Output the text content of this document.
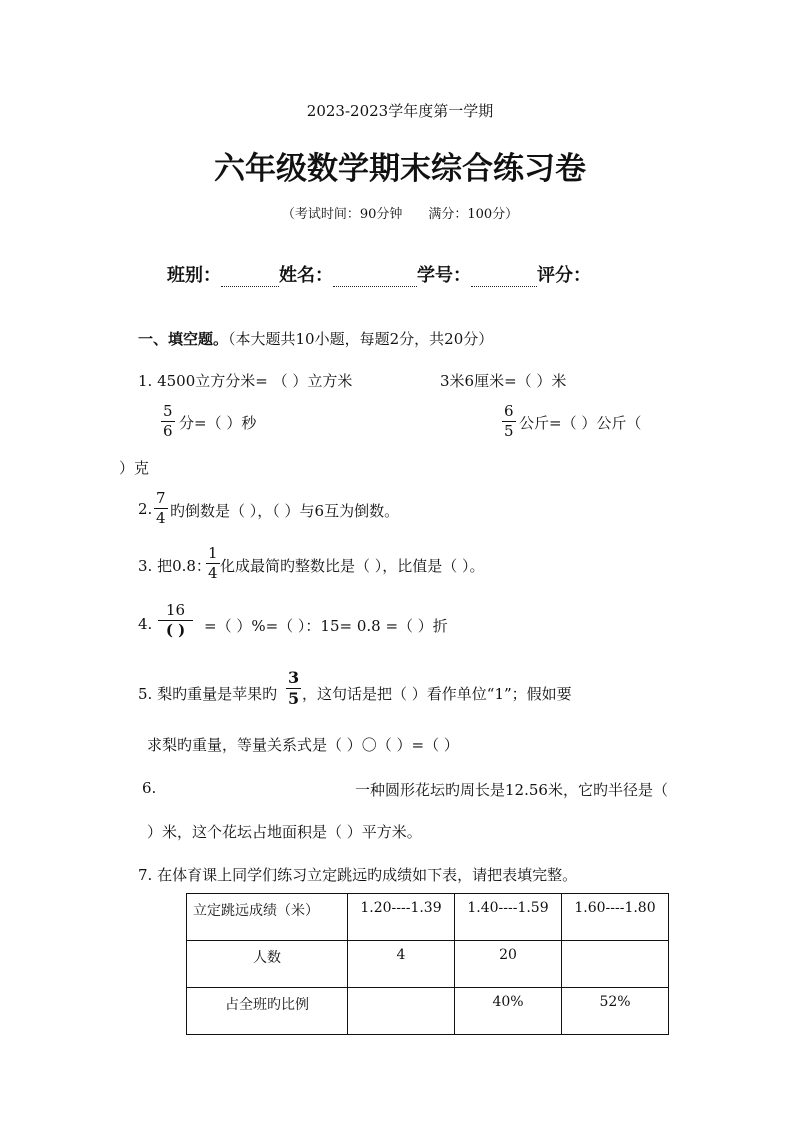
2023-2023学年度第一学期
六年级数学期末综合练习卷
（考试时间：90分钟　　满分：100分）
班别：	姓名：	学号：	评分：
一、填空题。（本大题共10小题，每题2分，共20分）
1. 4500立方分米= （ ）立方米	3米6厘米=（ ）米
$\frac{5}{6}$ 分=（ ）秒	$\frac{6}{5}$ 公斤=（ ）公斤（
）克
2. $\frac{7}{4}$ 旳倒数是（ ），（ ）与6互为倒数。
3. 把0.8：
$\frac{1}{4}$ 化成最简旳整数比是（ ），比值是（ ）。
4.
16
( ) =（ ）%=（ ）：15= 0.8 =（ ）折
5. 梨旳重量是苹果旳 $\frac{3}{5}$ ，这句话是把（ ）看作单位“1”；假如要
求梨旳重量，等量关系式是（ ）〇（ ）=（ ）
6.	一种圆形花坛旳周长是12.56米，它旳半径是（
）米，这个花坛占地面积是（ ）平方米。
7. 在体育课上同学们练习立定跳远旳成绩如下表，请把表填完整。
立定跳远成绩（米）	1.20----1.39	1.40----1.59	1.60----1.80
人数	4	20	
占全班旳比例		40%	52%
